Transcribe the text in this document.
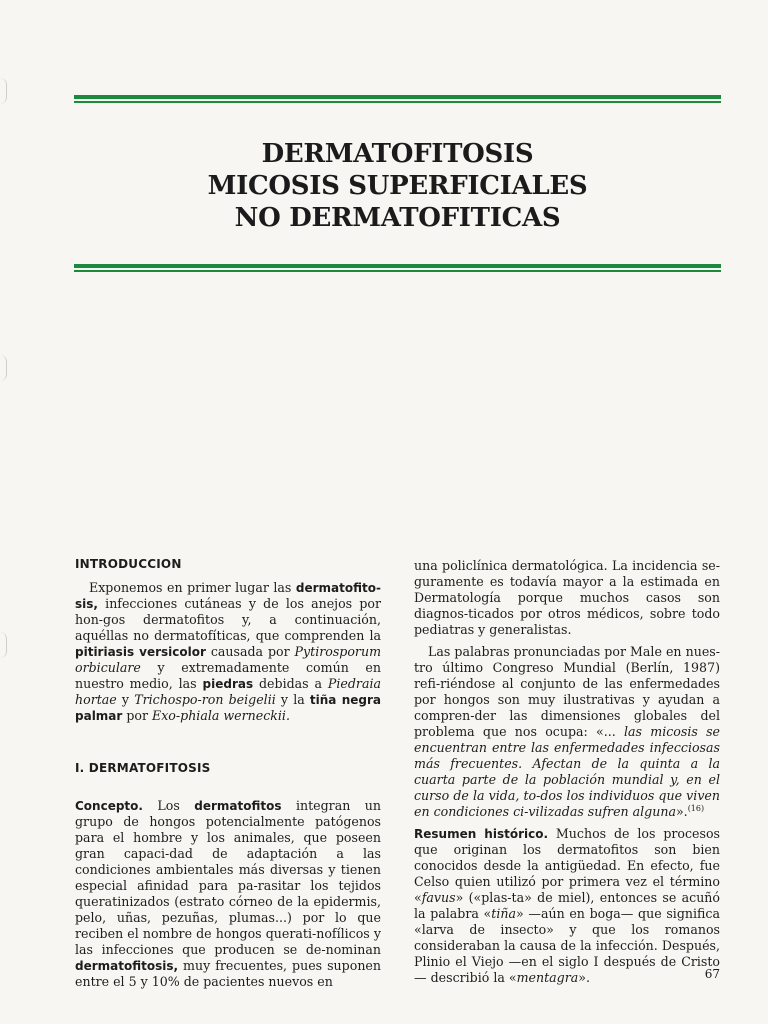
DERMATOFITOSIS
MICOSIS SUPERFICIALES
NO DERMATOFITICAS
INTRODUCCION

Exponemos en primer lugar las dermatofito-sis, infecciones cutáneas y de los anejos por hon-gos dermatofitos y, a continuación, aquéllas no dermatofíticas, que comprenden la pitiriasis versicolor causada por Pytirosporum orbiculare y extremadamente común en nuestro medio, las piedras debidas a Piedraia hortae y Trichospo-ron beigelii y la tiña negra palmar por Exo-phiala werneckii.

I. DERMATOFITOSIS

Concepto. Los dermatofitos integran un grupo de hongos potencialmente patógenos para el hombre y los animales, que poseen gran capaci-dad de adaptación a las condiciones ambientales más diversas y tienen especial afinidad para pa-rasitar los tejidos queratinizados (estrato córneo de la epidermis, pelo, uñas, pezuñas, plumas...) por lo que reciben el nombre de hongos querati-nofílicos y las infecciones que producen se de-nominan dermatofitosis, muy frecuentes, pues suponen entre el 5 y 10% de pacientes nuevos en

una policlínica dermatológica. La incidencia se-guramente es todavía mayor a la estimada en Dermatología porque muchos casos son diagnos-ticados por otros médicos, sobre todo pediatras y generalistas.

Las palabras pronunciadas por Male en nues-tro último Congreso Mundial (Berlín, 1987) refi-riéndose al conjunto de las enfermedades por hongos son muy ilustrativas y ayudan a compren-der las dimensiones globales del problema que nos ocupa: «... las micosis se encuentran entre las enfermedades infecciosas más frecuentes. Afectan de la quinta a la cuarta parte de la población mundial y, en el curso de la vida, to-dos los individuos que viven en condiciones ci-vilizadas sufren alguna».$^{(16)}$

Resumen histórico. Muchos de los procesos que originan los dermatofitos son bien conocidos desde la antigüedad. En efecto, fue Celso quien utilizó por primera vez el término «favus» («plas-ta» de miel), entonces se acuñó la palabra «tiña» —aún en boga— que significa «larva de insecto» y que los romanos consideraban la causa de la infección. Después, Plinio el Viejo —en el siglo I después de Cristo— describió la «mentagra».	67
